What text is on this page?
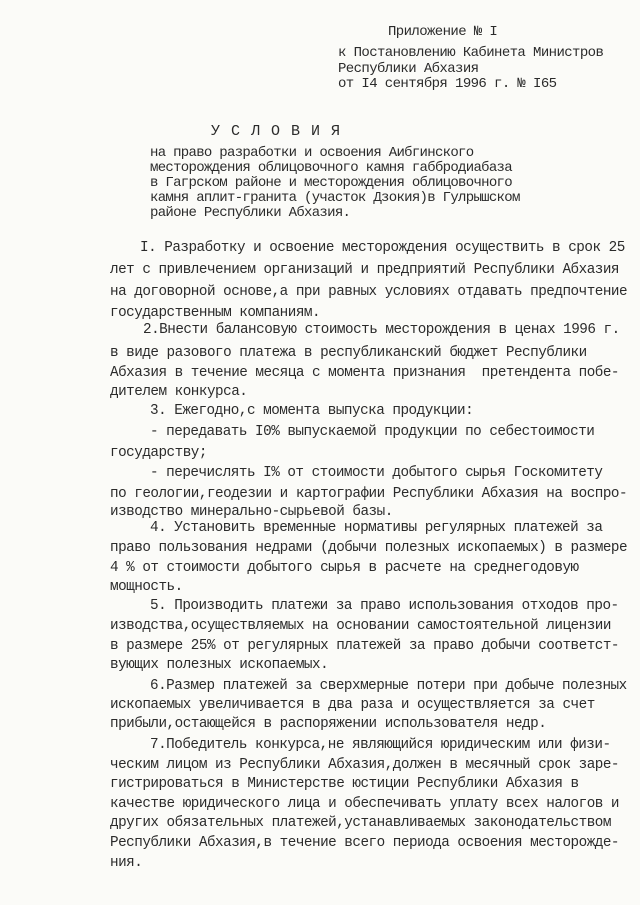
Приложение № I
к Постановлению Кабинета Министров
Республики Абхазия
от I4 сентября 1996 г. № I65
У С Л О В И Я
на право разработки и освоения Аибгинского
месторождения облицовочного камня габбродиабаза
в Гагрском районе и месторождения облицовочного
камня аплит-гранита (участок Дзокия)в Гулрышском
районе Республики Абхазия.
I. Разработку и освоение месторождения осуществить в срок 25
лет с привлечением организаций и предприятий Республики Абхазия
на договорной основе,а при равных условиях отдавать предпочтение
государственным компаниям.
2.Внести балансовую стоимость месторождения в ценах 1996 г.
в виде разового платежа в республиканский бюджет Республики
Абхазия в течение месяца с момента признания  претендента побе-
дителем конкурса.
3. Ежегодно,с момента выпуска продукции:
- передавать I0% выпускаемой продукции по себестоимости
государству;
- перечислять I% от стоимости добытого сырья Госкомитету
по геологии,геодезии и картографии Республики Абхазия на воспро-
изводство минерально-сырьевой базы.
4. Установить временные нормативы регулярных платежей за
право пользования недрами (добычи полезных ископаемых) в размере
4 % от стоимости добытого сырья в расчете на среднегодовую
мощность.
5. Производить платежи за право использования отходов про-
изводства,осуществляемых на основании самостоятельной лицензии
в размере 25% от регулярных платежей за право добычи соответст-
вующих полезных ископаемых.
6.Размер платежей за сверхмерные потери при добыче полезных
ископаемых увеличивается в два раза и осуществляется за счет
прибыли,остающейся в распоряжении использователя недр.
7.Победитель конкурса,не являющийся юридическим или физи-
ческим лицом из Республики Абхазия,должен в месячный срок заре-
гистрироваться в Министерстве юстиции Республики Абхазия в
качестве юридического лица и обеспечивать уплату всех налогов и
других обязательных платежей,устанавливаемых законодательством
Республики Абхазия,в течение всего периода освоения месторожде-
ния.
